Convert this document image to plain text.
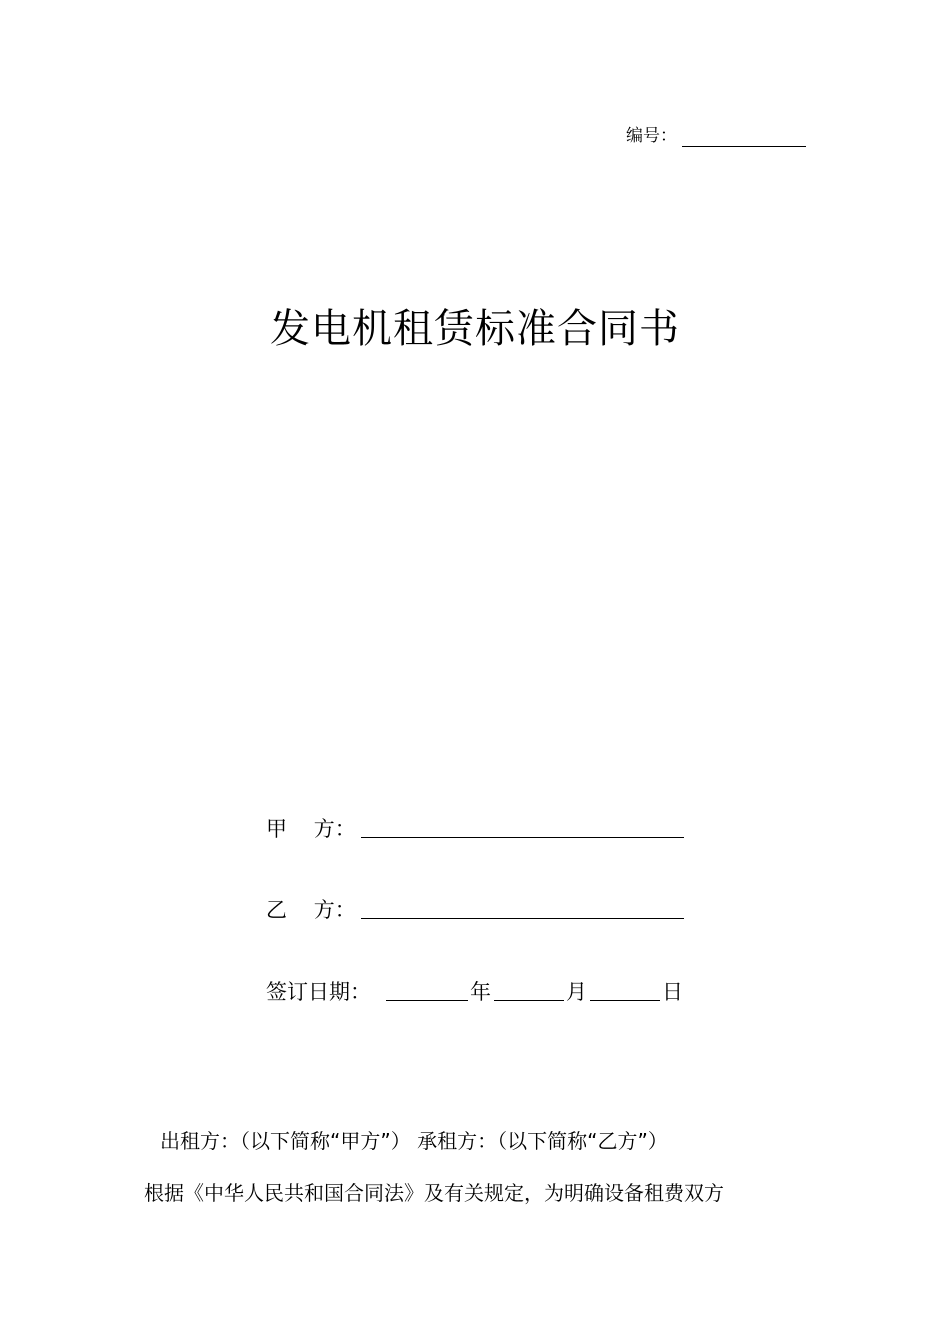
编号：
发电机租赁标准合同书
甲    方：
乙    方：
签订日期：	年	月	日
出租方：（以下简称“甲方”） 承租方：（以下简称“乙方”）
根据《中华人民共和国合同法》及有关规定，为明确设备租费双方
